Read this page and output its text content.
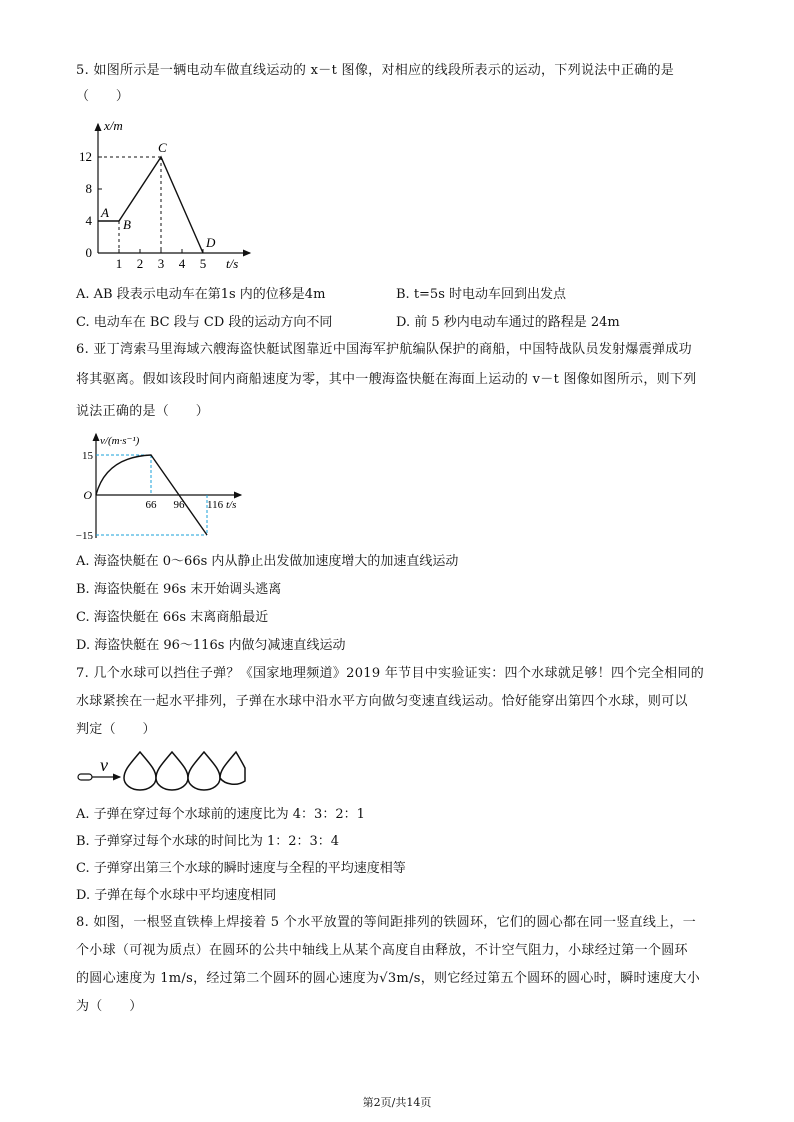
5. 如图所示是一辆电动车做直线运动的 x－t 图像，对相应的线段所表示的运动，下列说法中正确的是
（　　）
x/m
t/s
12
8
4
0
1 2 3 4 5
A
B
C
D
A. AB 段表示电动车在第1s 内的位移是4m	B. t=5s 时电动车回到出发点
C. 电动车在 BC 段与 CD 段的运动方向不同	D. 前 5 秒内电动车通过的路程是 24m
6. 亚丁湾索马里海域六艘海盗快艇试图靠近中国海军护航编队保护的商船，中国特战队员发射爆震弹成功
将其驱离。假如该段时间内商船速度为零，其中一艘海盗快艇在海面上运动的 v－t 图像如图所示，则下列
说法正确的是（　　）
v/(m·s⁻¹)
t/s
O
15
−15
66 96 116
A. 海盗快艇在 0～66s 内从静止出发做加速度增大的加速直线运动
B. 海盗快艇在 96s 末开始调头逃离
C. 海盗快艇在 66s 末离商船最近
D. 海盗快艇在 96～116s 内做匀减速直线运动
7. 几个水球可以挡住子弹？《国家地理频道》2019 年节目中实验证实：四个水球就足够！四个完全相同的
水球紧挨在一起水平排列，子弹在水球中沿水平方向做匀变速直线运动。恰好能穿出第四个水球，则可以
判定（　　）
v
A. 子弹在穿过每个水球前的速度比为 4：3：2：1
B. 子弹穿过每个水球的时间比为 1：2：3：4
C. 子弹穿出第三个水球的瞬时速度与全程的平均速度相等
D. 子弹在每个水球中平均速度相同
8. 如图，一根竖直铁棒上焊接着 5 个水平放置的等间距排列的铁圆环，它们的圆心都在同一竖直线上，一
个小球（可视为质点）在圆环的公共中轴线上从某个高度自由释放，不计空气阻力，小球经过第一个圆环
的圆心速度为 1m/s，经过第二个圆环的圆心速度为√3m/s，则它经过第五个圆环的圆心时，瞬时速度大小
为（　　）
第2页/共14页
